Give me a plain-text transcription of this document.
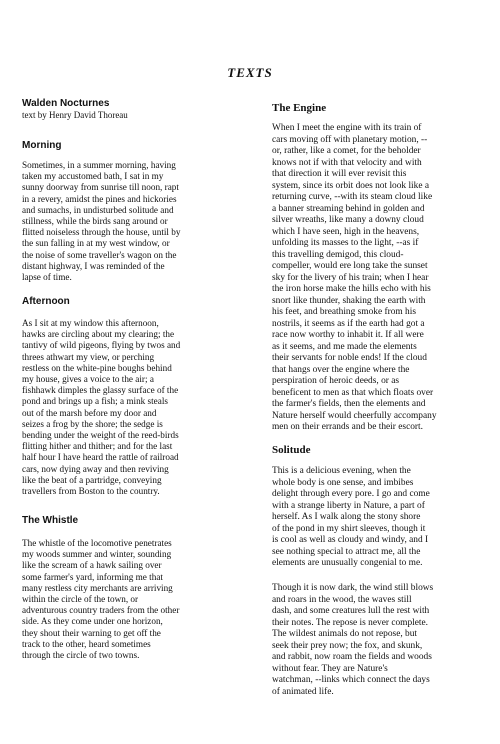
TEXTS

Walden Nocturnes

text by Henry David Thoreau

Morning

Sometimes, in a summer morning, having
taken my accustomed bath, I sat in my
sunny doorway from sunrise till noon, rapt
in a revery, amidst the pines and hickories
and sumachs, in undisturbed solitude and
stillness, while the birds sang around or
flitted noiseless through the house, until by
the sun falling in at my west window, or
the noise of some traveller's wagon on the
distant highway, I was reminded of the
lapse of time.

Afternoon

As I sit at my window this afternoon,
hawks are circling about my clearing; the
tantivy of wild pigeons, flying by twos and
threes athwart my view, or perching
restless on the white-pine boughs behind
my house, gives a voice to the air; a
fishhawk dimples the glassy surface of the
pond and brings up a fish; a mink steals
out of the marsh before my door and
seizes a frog by the shore; the sedge is
bending under the weight of the reed-birds
flitting hither and thither; and for the last
half hour I have heard the rattle of railroad
cars, now dying away and then reviving
like the beat of a partridge, conveying
travellers from Boston to the country.

The Whistle

The whistle of the locomotive penetrates
my woods summer and winter, sounding
like the scream of a hawk sailing over
some farmer's yard, informing me that
many restless city merchants are arriving
within the circle of the town, or
adventurous country traders from the other
side. As they come under one horizon,
they shout their warning to get off the
track to the other, heard sometimes
through the circle of two towns.

The Engine

When I meet the engine with its train of
cars moving off with planetary motion, --
or, rather, like a comet, for the beholder
knows not if with that velocity and with
that direction it will ever revisit this
system, since its orbit does not look like a
returning curve, --with its steam cloud like
a banner streaming behind in golden and
silver wreaths, like many a downy cloud
which I have seen, high in the heavens,
unfolding its masses to the light, --as if
this travelling demigod, this cloud-
compeller, would ere long take the sunset
sky for the livery of his train; when I hear
the iron horse make the hills echo with his
snort like thunder, shaking the earth with
his feet, and breathing smoke from his
nostrils, it seems as if the earth had got a
race now worthy to inhabit it. If all were
as it seems, and me made the elements
their servants for noble ends! If the cloud
that hangs over the engine where the
perspiration of heroic deeds, or as
beneficent to men as that which floats over
the farmer's fields, then the elements and
Nature herself would cheerfully accompany
men on their errands and be their escort.

Solitude

This is a delicious evening, when the
whole body is one sense, and imbibes
delight through every pore. I go and come
with a strange liberty in Nature, a part of
herself. As I walk along the stony shore
of the pond in my shirt sleeves, though it
is cool as well as cloudy and windy, and I
see nothing special to attract me, all the
elements are unusually congenial to me.
Though it is now dark, the wind still blows
and roars in the wood, the waves still
dash, and some creatures lull the rest with
their notes. The repose is never complete.
The wildest animals do not repose, but
seek their prey now; the fox, and skunk,
and rabbit, now roam the fields and woods
without fear. They are Nature's
watchman, --links which connect the days
of animated life.
